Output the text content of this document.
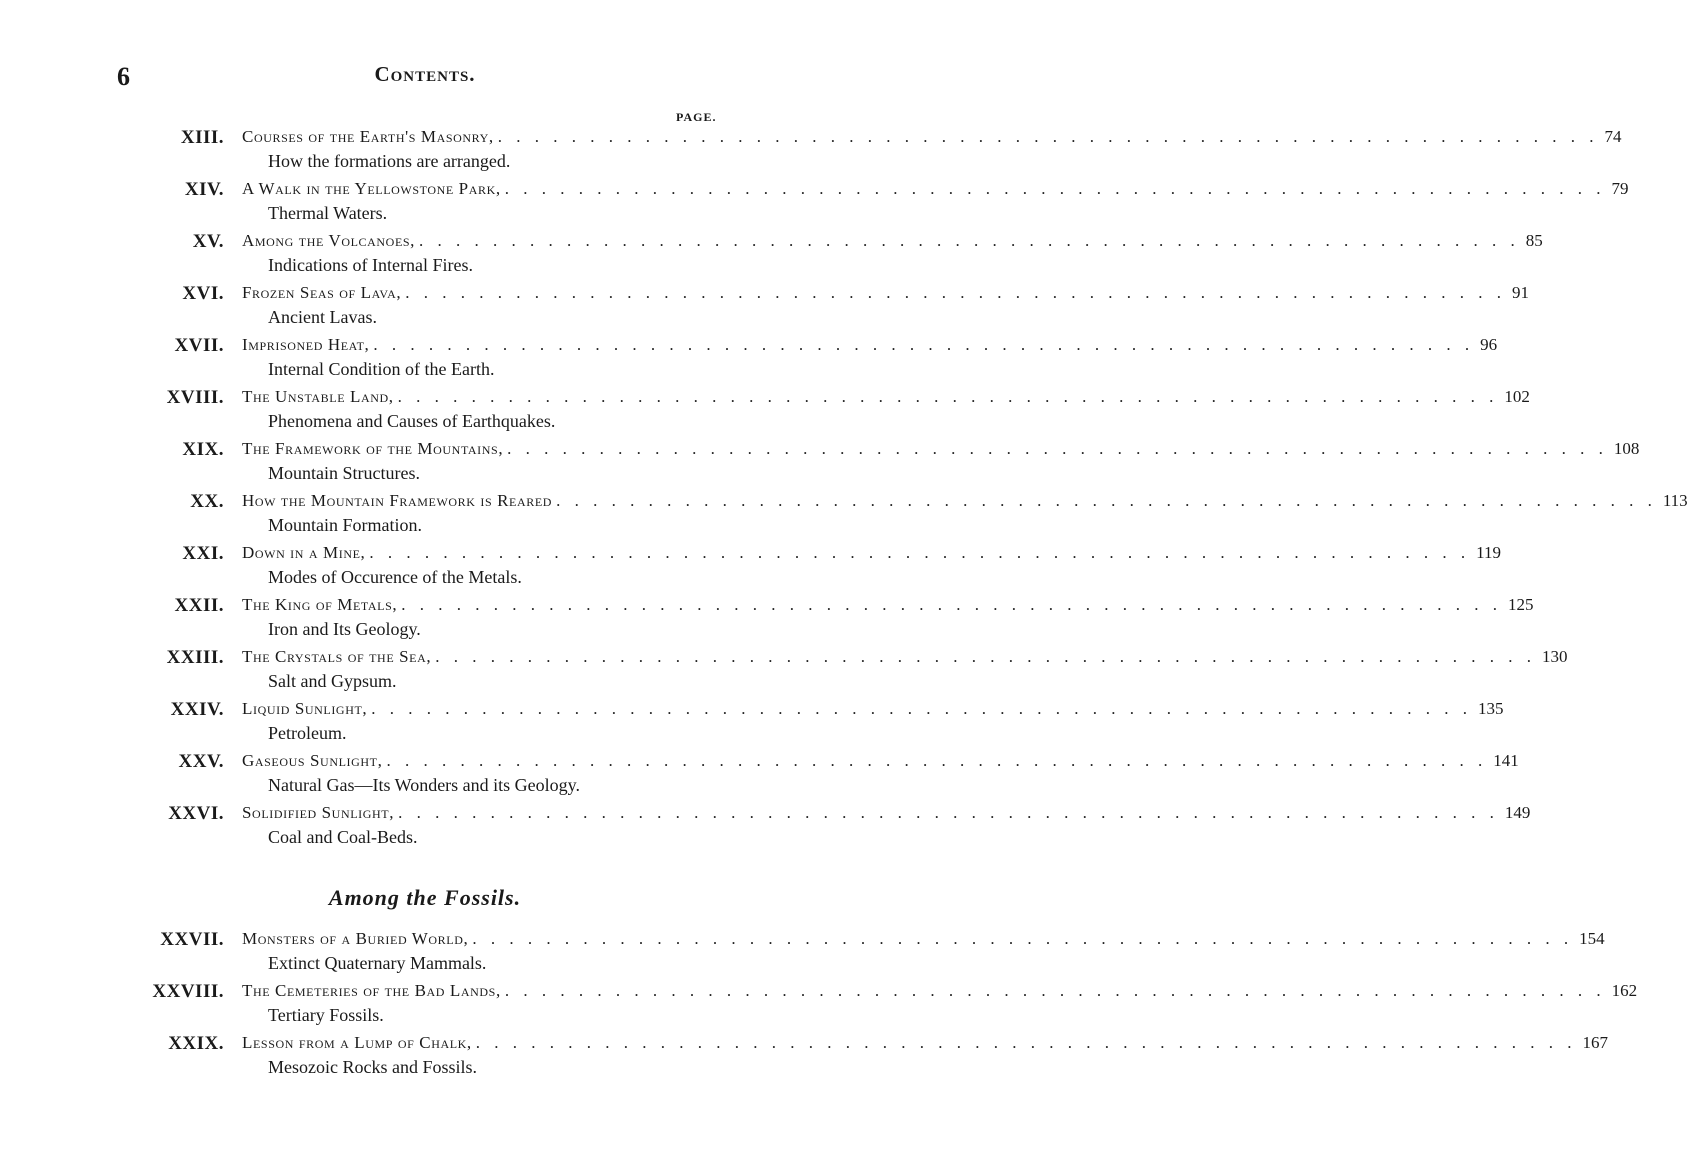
6	Contents.
PAGE.
XIII. Courses of the Earth's Masonry, . . . . . . . . . . . . . . . . . . . . . . . . . . . . . . . . . . . . . . . . . . . . . . . . . . . . . . . . . . . . 74
How the formations are arranged.
XIV. A Walk in the Yellowstone Park, . . . . . . . . . . . . . . . . . . . . . . . . . . . . . . . . . . . . . . . . . . . . . . . . . . . . . . . . . . . . 79
Thermal Waters.
XV. Among the Volcanoes, . . . . . . . . . . . . . . . . . . . . . . . . . . . . . . . . . . . . . . . . . . . . . . . . . . . . . . . . . . . . 85
Indications of Internal Fires.
XVI. Frozen Seas of Lava, . . . . . . . . . . . . . . . . . . . . . . . . . . . . . . . . . . . . . . . . . . . . . . . . . . . . . . . . . . . . 91
Ancient Lavas.
XVII. Imprisoned Heat, . . . . . . . . . . . . . . . . . . . . . . . . . . . . . . . . . . . . . . . . . . . . . . . . . . . . . . . . . . . . 96
Internal Condition of the Earth.
XVIII. The Unstable Land, . . . . . . . . . . . . . . . . . . . . . . . . . . . . . . . . . . . . . . . . . . . . . . . . . . . . . . . . . . . . 102
Phenomena and Causes of Earthquakes.
XIX. The Framework of the Mountains, . . . . . . . . . . . . . . . . . . . . . . . . . . . . . . . . . . . . . . . . . . . . . . . . . . . . . . . . . . . . 108
Mountain Structures.
XX. How the Mountain Framework is Reared . . . . . . . . . . . . . . . . . . . . . . . . . . . . . . . . . . . . . . . . . . . . . . . . . . . . . . . . . . . . 113
Mountain Formation.
XXI. Down in a Mine, . . . . . . . . . . . . . . . . . . . . . . . . . . . . . . . . . . . . . . . . . . . . . . . . . . . . . . . . . . . . 119
Modes of Occurence of the Metals.
XXII. The King of Metals, . . . . . . . . . . . . . . . . . . . . . . . . . . . . . . . . . . . . . . . . . . . . . . . . . . . . . . . . . . . . 125
Iron and Its Geology.
XXIII. The Crystals of the Sea, . . . . . . . . . . . . . . . . . . . . . . . . . . . . . . . . . . . . . . . . . . . . . . . . . . . . . . . . . . . . 130
Salt and Gypsum.
XXIV. Liquid Sunlight, . . . . . . . . . . . . . . . . . . . . . . . . . . . . . . . . . . . . . . . . . . . . . . . . . . . . . . . . . . . . 135
Petroleum.
XXV. Gaseous Sunlight, . . . . . . . . . . . . . . . . . . . . . . . . . . . . . . . . . . . . . . . . . . . . . . . . . . . . . . . . . . . . 141
Natural Gas—Its Wonders and its Geology.
XXVI. Solidified Sunlight, . . . . . . . . . . . . . . . . . . . . . . . . . . . . . . . . . . . . . . . . . . . . . . . . . . . . . . . . . . . . 149
Coal and Coal-Beds.
Among the Fossils.
XXVII. Monsters of a Buried World, . . . . . . . . . . . . . . . . . . . . . . . . . . . . . . . . . . . . . . . . . . . . . . . . . . . . . . . . . . . . 154
Extinct Quaternary Mammals.
XXVIII. The Cemeteries of the Bad Lands, . . . . . . . . . . . . . . . . . . . . . . . . . . . . . . . . . . . . . . . . . . . . . . . . . . . . . . . . . . . . 162
Tertiary Fossils.
XXIX. Lesson from a Lump of Chalk, . . . . . . . . . . . . . . . . . . . . . . . . . . . . . . . . . . . . . . . . . . . . . . . . . . . . . . . . . . . . 167
Mesozoic Rocks and Fossils.
